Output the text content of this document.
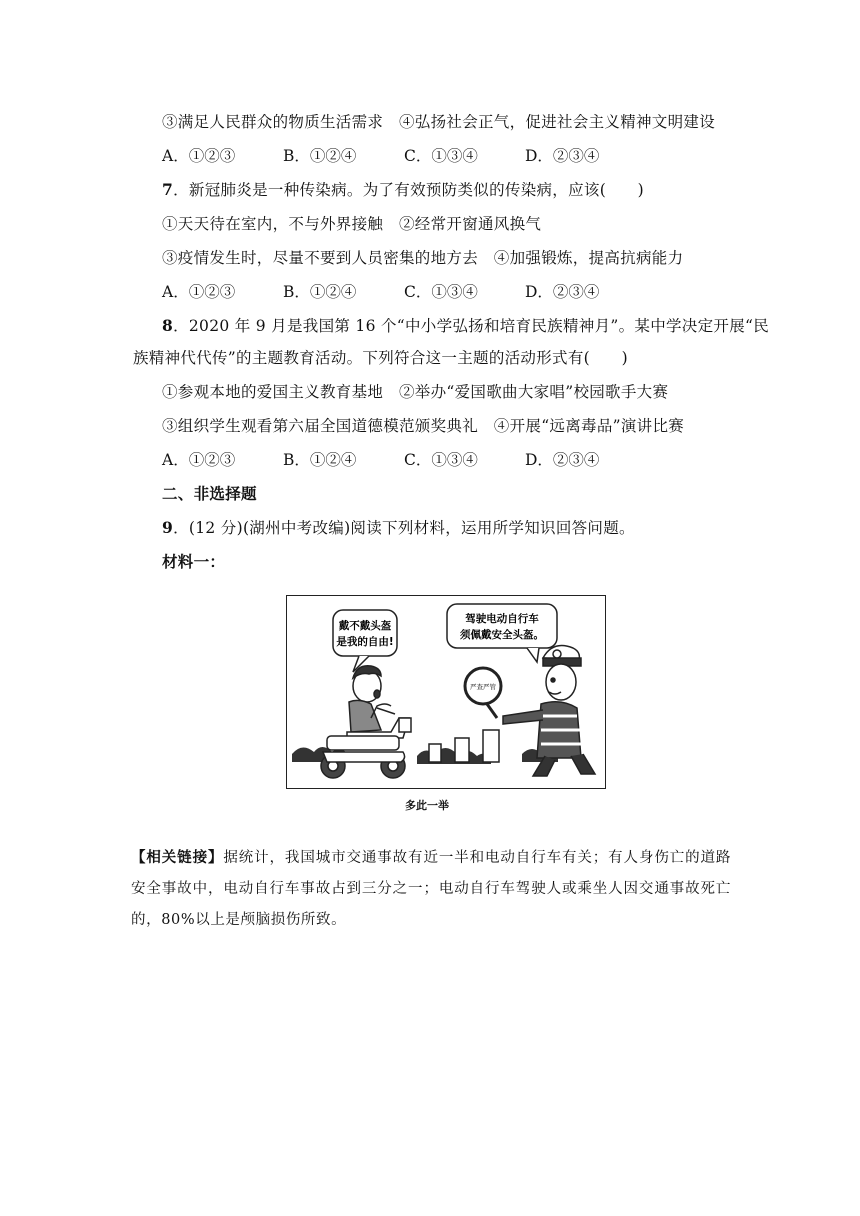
③满足人民群众的物质生活需求　④弘扬社会正气，促进社会主义精神文明建设
A．①②③	B．①②④	C．①③④	D．②③④
7．新冠肺炎是一种传染病。为了有效预防类似的传染病，应该(　　)
①天天待在室内，不与外界接触　②经常开窗通风换气
③疫情发生时，尽量不要到人员密集的地方去　④加强锻炼，提高抗病能力
A．①②③	B．①②④	C．①③④	D．②③④
8．2020 年 9 月是我国第 16 个“中小学弘扬和培育民族精神月”。某中学决定开展“民
族精神代代传”的主题教育活动。下列符合这一主题的活动形式有(　　)
①参观本地的爱国主义教育基地　②举办“爱国歌曲大家唱”校园歌手大赛
③组织学生观看第六届全国道德模范颁奖典礼　④开展“远离毒品”演讲比赛
A．①②③	B．①②④	C．①③④	D．②③④
二、非选择题
9．(12 分)(湖州中考改编)阅读下列材料，运用所学知识回答问题。
材料一：
戴不戴头盔
是我的自由!
驾驶电动自行车
须佩戴安全头盔。
严查严管
多此一举
【相关链接】据统计，我国城市交通事故有近一半和电动自行车有关；有人身伤亡的道路安全事故中，电动自行车事故占到三分之一；电动自行车驾驶人或乘坐人因交通事故死亡的，80%以上是颅脑损伤所致。
